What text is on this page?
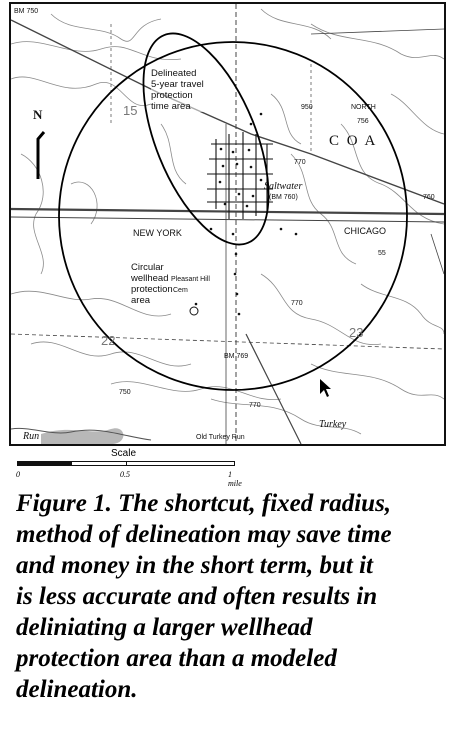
N
Delineated
5-year travel
protection
time area
Circular
wellhead
protection
area
NEW YORK	CHICAGO
Saltwater
(BM 760)
Pleasant Hill
Cem
NORTH
C O A
Turkey
Old Turkey Run
Run
15
22
23
BM 750
950
756
770
770
760
750
770
BM 769
55
Scale
0	0.5	1 mile
Figure 1. The shortcut, fixed radius,
method of delineation may save time
and money in the short term, but it
is less accurate and often results in
deliniating a larger wellhead
protection area than a modeled
delineation.
